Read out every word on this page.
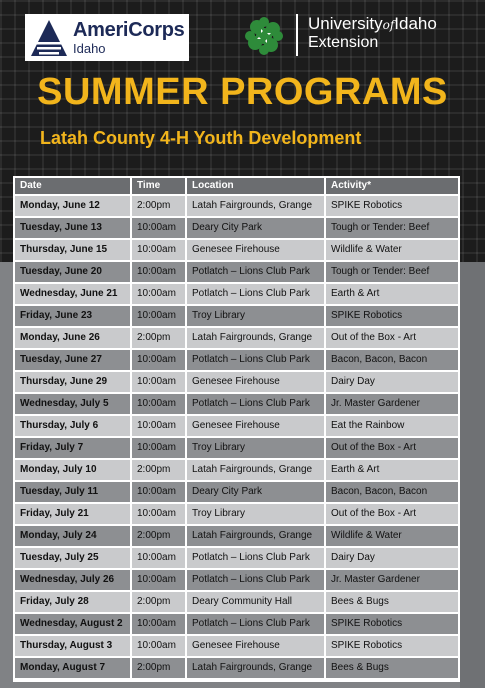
AmeriCorps
Idaho
UniversityofIdaho
Extension
SUMMER PROGRAMS
Latah County 4-H Youth Development
Date	Time	Location	Activity*
Monday, June 12	2:00pm	Latah Fairgrounds, Grange	SPIKE Robotics
Tuesday, June 13	10:00am	Deary City Park	Tough or Tender: Beef
Thursday, June 15	10:00am	Genesee Firehouse	Wildlife & Water
Tuesday, June 20	10:00am	Potlatch – Lions Club Park	Tough or Tender: Beef
Wednesday, June 21	10:00am	Potlatch – Lions Club Park	Earth & Art
Friday, June 23	10:00am	Troy Library	SPIKE Robotics
Monday, June 26	2:00pm	Latah Fairgrounds, Grange	Out of the Box - Art
Tuesday, June 27	10:00am	Potlatch – Lions Club Park	Bacon, Bacon, Bacon
Thursday, June 29	10:00am	Genesee Firehouse	Dairy Day
Wednesday, July 5	10:00am	Potlatch – Lions Club Park	Jr. Master Gardener
Thursday, July 6	10:00am	Genesee Firehouse	Eat the Rainbow
Friday, July 7	10:00am	Troy Library	Out of the Box - Art
Monday, July 10	2:00pm	Latah Fairgrounds, Grange	Earth & Art
Tuesday, July 11	10:00am	Deary City Park	Bacon, Bacon, Bacon
Friday, July 21	10:00am	Troy Library	Out of the Box - Art
Monday, July 24	2:00pm	Latah Fairgrounds, Grange	Wildlife & Water
Tuesday, July 25	10:00am	Potlatch – Lions Club Park	Dairy Day
Wednesday, July 26	10:00am	Potlatch – Lions Club Park	Jr. Master Gardener
Friday, July 28	2:00pm	Deary Community Hall	Bees & Bugs
Wednesday, August 2	10:00am	Potlatch – Lions Club Park	SPIKE Robotics
Thursday, August 3	10:00am	Genesee Firehouse	SPIKE Robotics
Monday, August 7	2:00pm	Latah Fairgrounds, Grange	Bees & Bugs
